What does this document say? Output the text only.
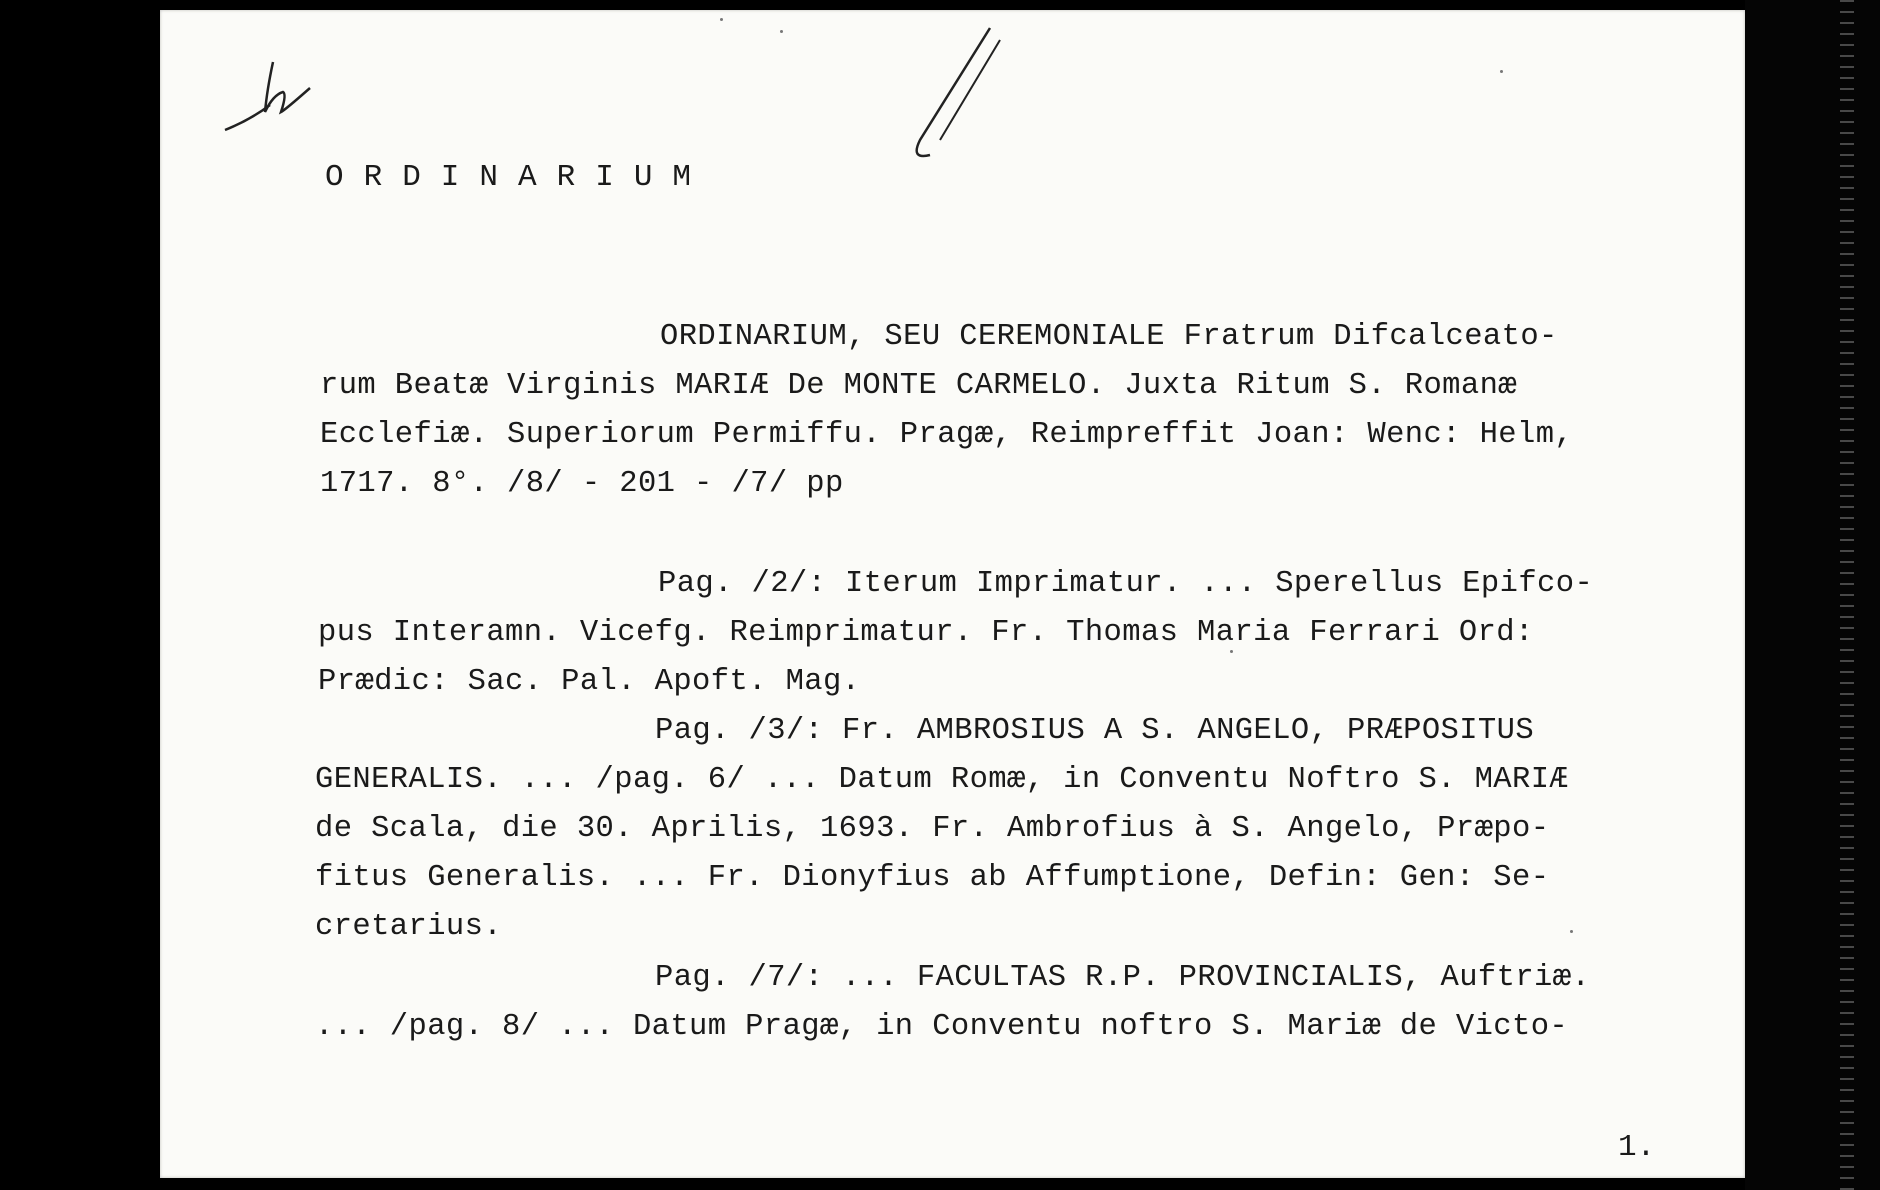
h
ORDINARIUM
ORDINARIUM, SEU CEREMONIALE Fratrum Difcalceato-
rum Beatæ Virginis MARIÆ De MONTE CARMELO. Juxta Ritum S. Romanæ
Ecclefiæ. Superiorum Permiffu. Pragæ, Reimpreffit Joan: Wenc: Helm,
1717. 8°. /8/ - 201 - /7/ pp
Pag. /2/: Iterum Imprimatur. ... Sperellus Epifco-
pus Interamn. Vicefg. Reimprimatur. Fr. Thomas Maria Ferrari Ord:
Prædic: Sac. Pal. Apoft. Mag.
Pag. /3/: Fr. AMBROSIUS A S. ANGELO, PRÆPOSITUS
GENERALIS. ... /pag. 6/ ... Datum Romæ, in Conventu Noftro S. MARIÆ
de Scala, die 30. Aprilis, 1693. Fr. Ambrofius à S. Angelo, Præpo-
fitus Generalis. ... Fr. Dionyfius ab Affumptione, Defin: Gen: Se-
cretarius.
Pag. /7/: ... FACULTAS R.P. PROVINCIALIS, Auftriæ.
... /pag. 8/ ... Datum Pragæ, in Conventu noftro S. Mariæ de Victo-
1.
